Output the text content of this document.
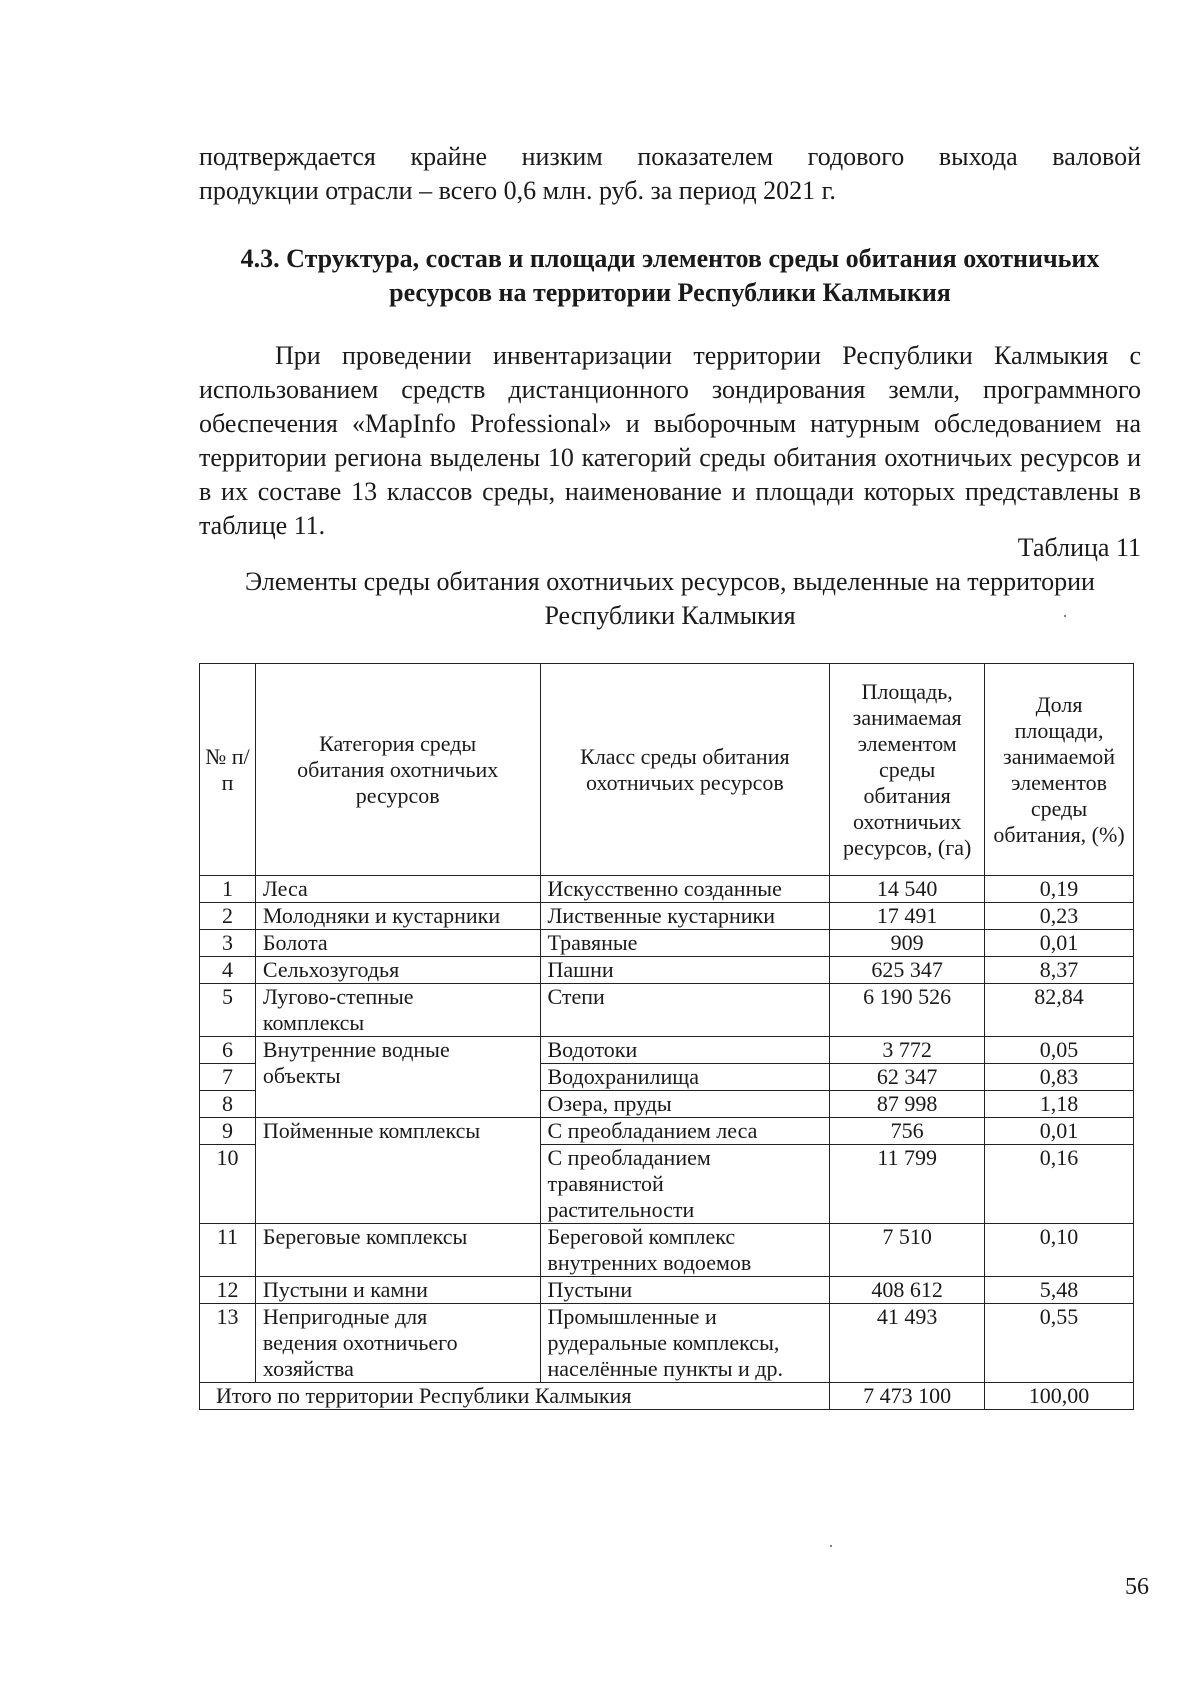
подтверждается крайне низким показателем годового выхода валовой
продукции отрасли – всего 0,6 млн. руб. за период 2021 г.

4.3. Структура, состав и площади элементов среды обитания охотничьих
ресурсов на территории Республики Калмыкия

При проведении инвентаризации территории Республики Калмыкия с использованием средств дистанционного зондирования земли, программного обеспечения «MapInfo Professional» и выборочным натурным обследованием на территории региона выделены 10 категорий среды обитания охотничьих ресурсов и в их составе 13 классов среды, наименование и площади которых представлены в таблице 11.

Таблица 11

Элементы среды обитания охотничьих ресурсов, выделенные на территории
Республики Калмыкия

№ п/п	Категория среды обитания охотничьих ресурсов	Класс среды обитания охотничьих ресурсов	Площадь, занимаемая элементом среды обитания охотничьих ресурсов, (га)	Доля площади, занимаемой элементов среды обитания, (%)
1	Леса	Искусственно созданные	14 540	0,19
2	Молодняки и кустарники	Лиственные кустарники	17 491	0,23
3	Болота	Травяные	909	0,01
4	Сельхозугодья	Пашни	625 347	8,37
5	Лугово-степные комплексы	Степи	6 190 526	82,84
6	Внутренние водные объекты	Водотоки	3 772	0,05
7		Водохранилища	62 347	0,83
8		Озера, пруды	87 998	1,18
9	Пойменные комплексы	С преобладанием леса	756	0,01
10		С преобладанием травянистой растительности	11 799	0,16
11	Береговые комплексы	Береговой комплекс внутренних водоемов	7 510	0,10
12	Пустыни и камни	Пустыни	408 612	5,48
13	Непригодные для ведения охотничьего хозяйства	Промышленные и рудеральные комплексы, населённые пункты и др.	41 493	0,55
Итого по территории Республики Калмыкия			7 473 100	100,00

56
